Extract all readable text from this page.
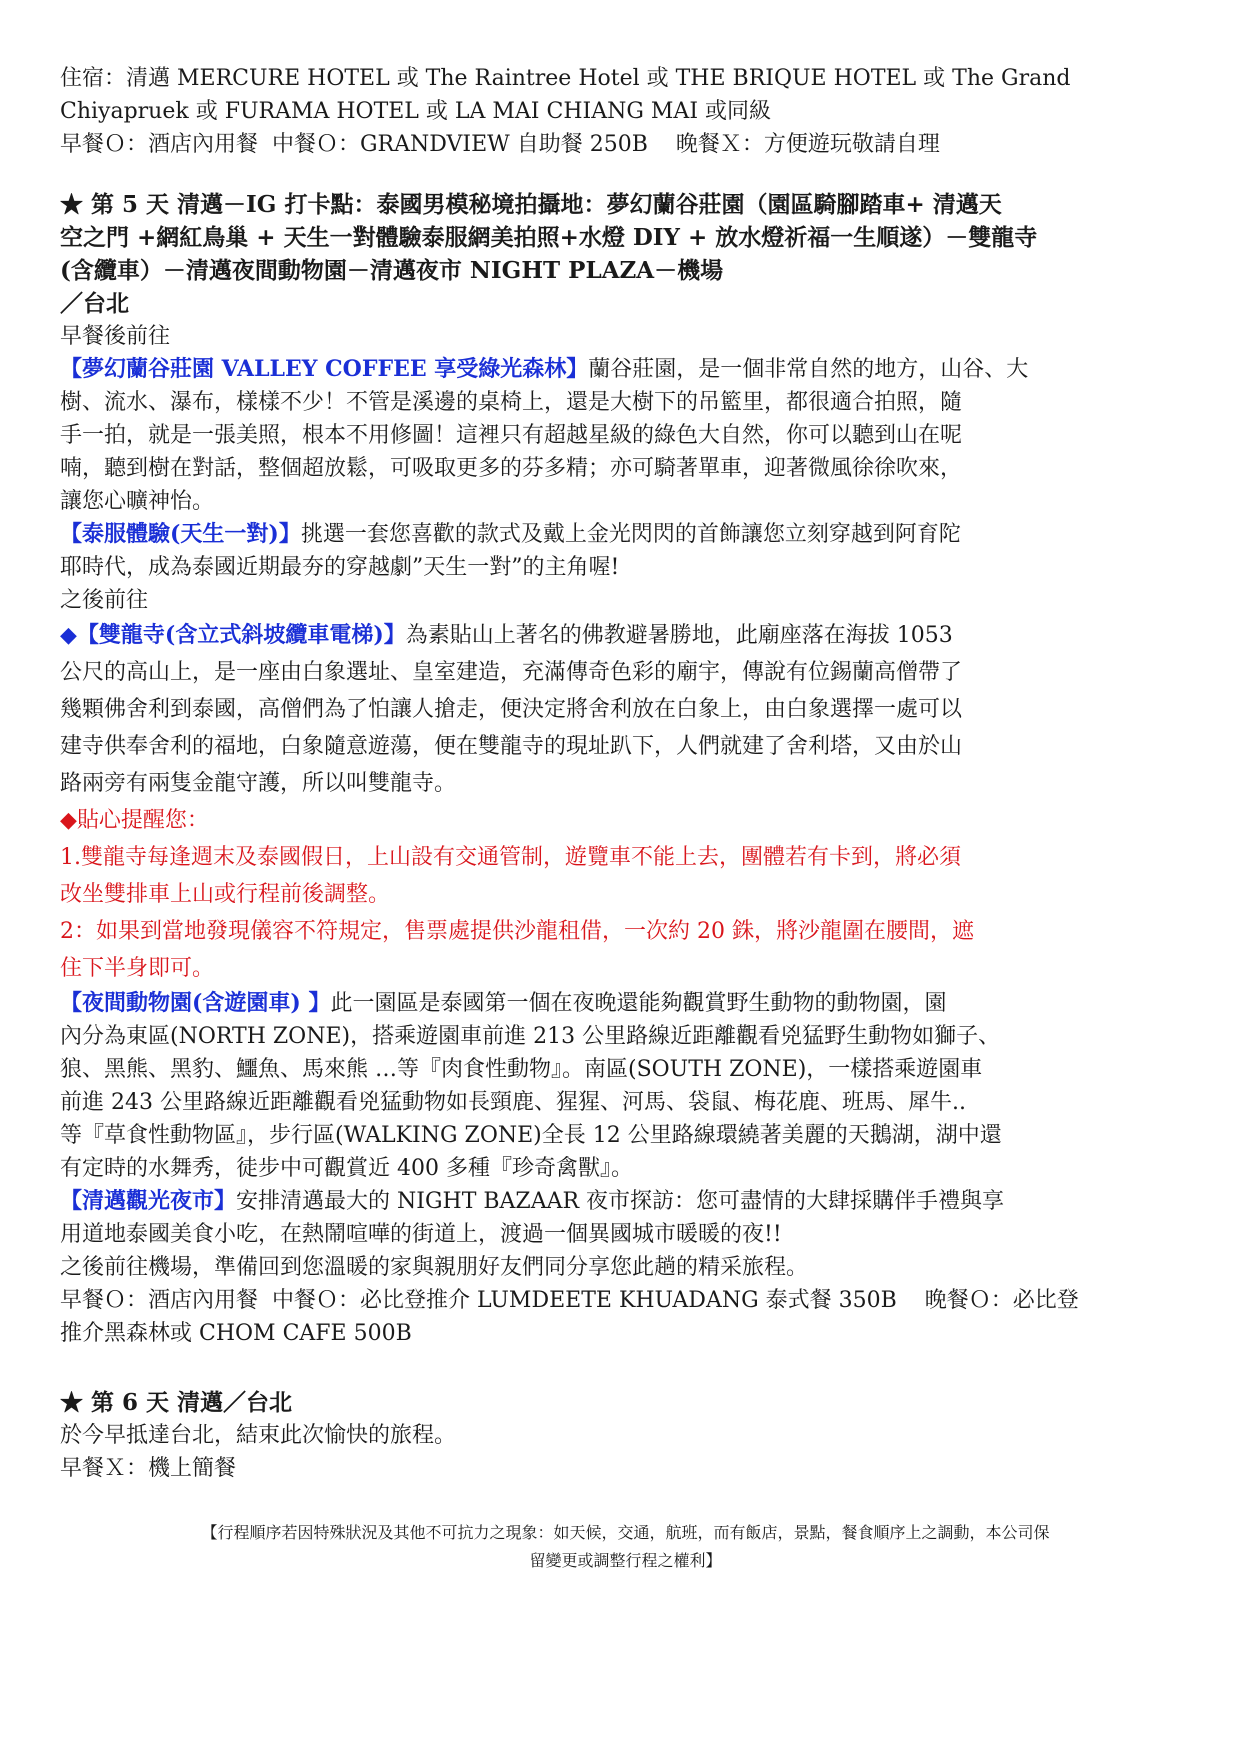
住宿：清邁 MERCURE HOTEL 或 The Raintree Hotel 或 THE BRIQUE HOTEL 或 The Grand
Chiyapruek 或 FURAMA HOTEL 或 LA MAI CHIANG MAI 或同級
早餐Ｏ：酒店內用餐  中餐Ｏ：GRANDVIEW 自助餐 250B    晚餐Ｘ：方便遊玩敬請自理
★ 第 5 天 清邁－IG 打卡點：泰國男模秘境拍攝地：夢幻蘭谷莊園（園區騎腳踏車+ 清邁天
空之門 +網紅鳥巢 + 天生一對體驗泰服網美拍照+水燈 DIY + 放水燈祈福一生順遂）－雙龍寺
(含纜車）－清邁夜間動物園－清邁夜市 NIGHT PLAZA－機場
／台北
早餐後前往
【夢幻蘭谷莊園 VALLEY COFFEE 享受綠光森林】蘭谷莊園，是一個非常自然的地方，山谷、大
樹、流水、瀑布，樣樣不少！不管是溪邊的桌椅上，還是大樹下的吊籃里，都很適合拍照，隨
手一拍，就是一張美照，根本不用修圖！這裡只有超越星級的綠色大自然，你可以聽到山在呢
喃，聽到樹在對話，整個超放鬆，可吸取更多的芬多精；亦可騎著單車，迎著微風徐徐吹來，
讓您心曠神怡。
【泰服體驗(天生一對)】挑選一套您喜歡的款式及戴上金光閃閃的首飾讓您立刻穿越到阿育陀
耶時代，成為泰國近期最夯的穿越劇”天生一對”的主角喔!
之後前往
◆【雙龍寺(含立式斜坡纜車電梯)】為素貼山上著名的佛教避暑勝地，此廟座落在海拔 1053
公尺的高山上，是一座由白象選址、皇室建造，充滿傳奇色彩的廟宇，傳說有位錫蘭高僧帶了
幾顆佛舍利到泰國，高僧們為了怕讓人搶走，便決定將舍利放在白象上，由白象選擇一處可以
建寺供奉舍利的福地，白象隨意遊蕩，便在雙龍寺的現址趴下，人們就建了舍利塔，又由於山
路兩旁有兩隻金龍守護，所以叫雙龍寺。
◆貼心提醒您：
1.雙龍寺每逢週末及泰國假日，上山設有交通管制，遊覽車不能上去，團體若有卡到，將必須
改坐雙排車上山或行程前後調整。
2：如果到當地發現儀容不符規定，售票處提供沙龍租借，一次約 20 銖，將沙龍圍在腰間，遮
住下半身即可。
【夜間動物園(含遊園車) 】此一園區是泰國第一個在夜晚還能夠觀賞野生動物的動物園，園
內分為東區(NORTH ZONE)，搭乘遊園車前進 213 公里路線近距離觀看兇猛野生動物如獅子、
狼、黑熊、黑豹、鱷魚、馬來熊 …等『肉食性動物』。南區(SOUTH ZONE)，一樣搭乘遊園車
前進 243 公里路線近距離觀看兇猛動物如長頸鹿、猩猩、河馬、袋鼠、梅花鹿、班馬、犀牛..
等『草食性動物區』，步行區(WALKING ZONE)全長 12 公里路線環繞著美麗的天鵝湖，湖中還
有定時的水舞秀，徒步中可觀賞近 400 多種『珍奇禽獸』。
【清邁觀光夜市】安排清邁最大的 NIGHT BAZAAR 夜市探訪：您可盡情的大肆採購伴手禮與享
用道地泰國美食小吃，在熱鬧喧嘩的街道上，渡過一個異國城市暖暖的夜!!
之後前往機場，準備回到您溫暖的家與親朋好友們同分享您此趟的精采旅程。
早餐Ｏ：酒店內用餐  中餐Ｏ：必比登推介 LUMDEETE KHUADANG 泰式餐 350B    晚餐Ｏ：必比登
推介黑森林或 CHOM CAFE 500B
★ 第 6 天 清邁／台北
於今早抵達台北，結束此次愉快的旅程。
早餐Ｘ：機上簡餐
【行程順序若因特殊狀況及其他不可抗力之現象：如天候，交通，航班，而有飯店，景點，餐食順序上之調動，本公司保
留變更或調整行程之權利】
